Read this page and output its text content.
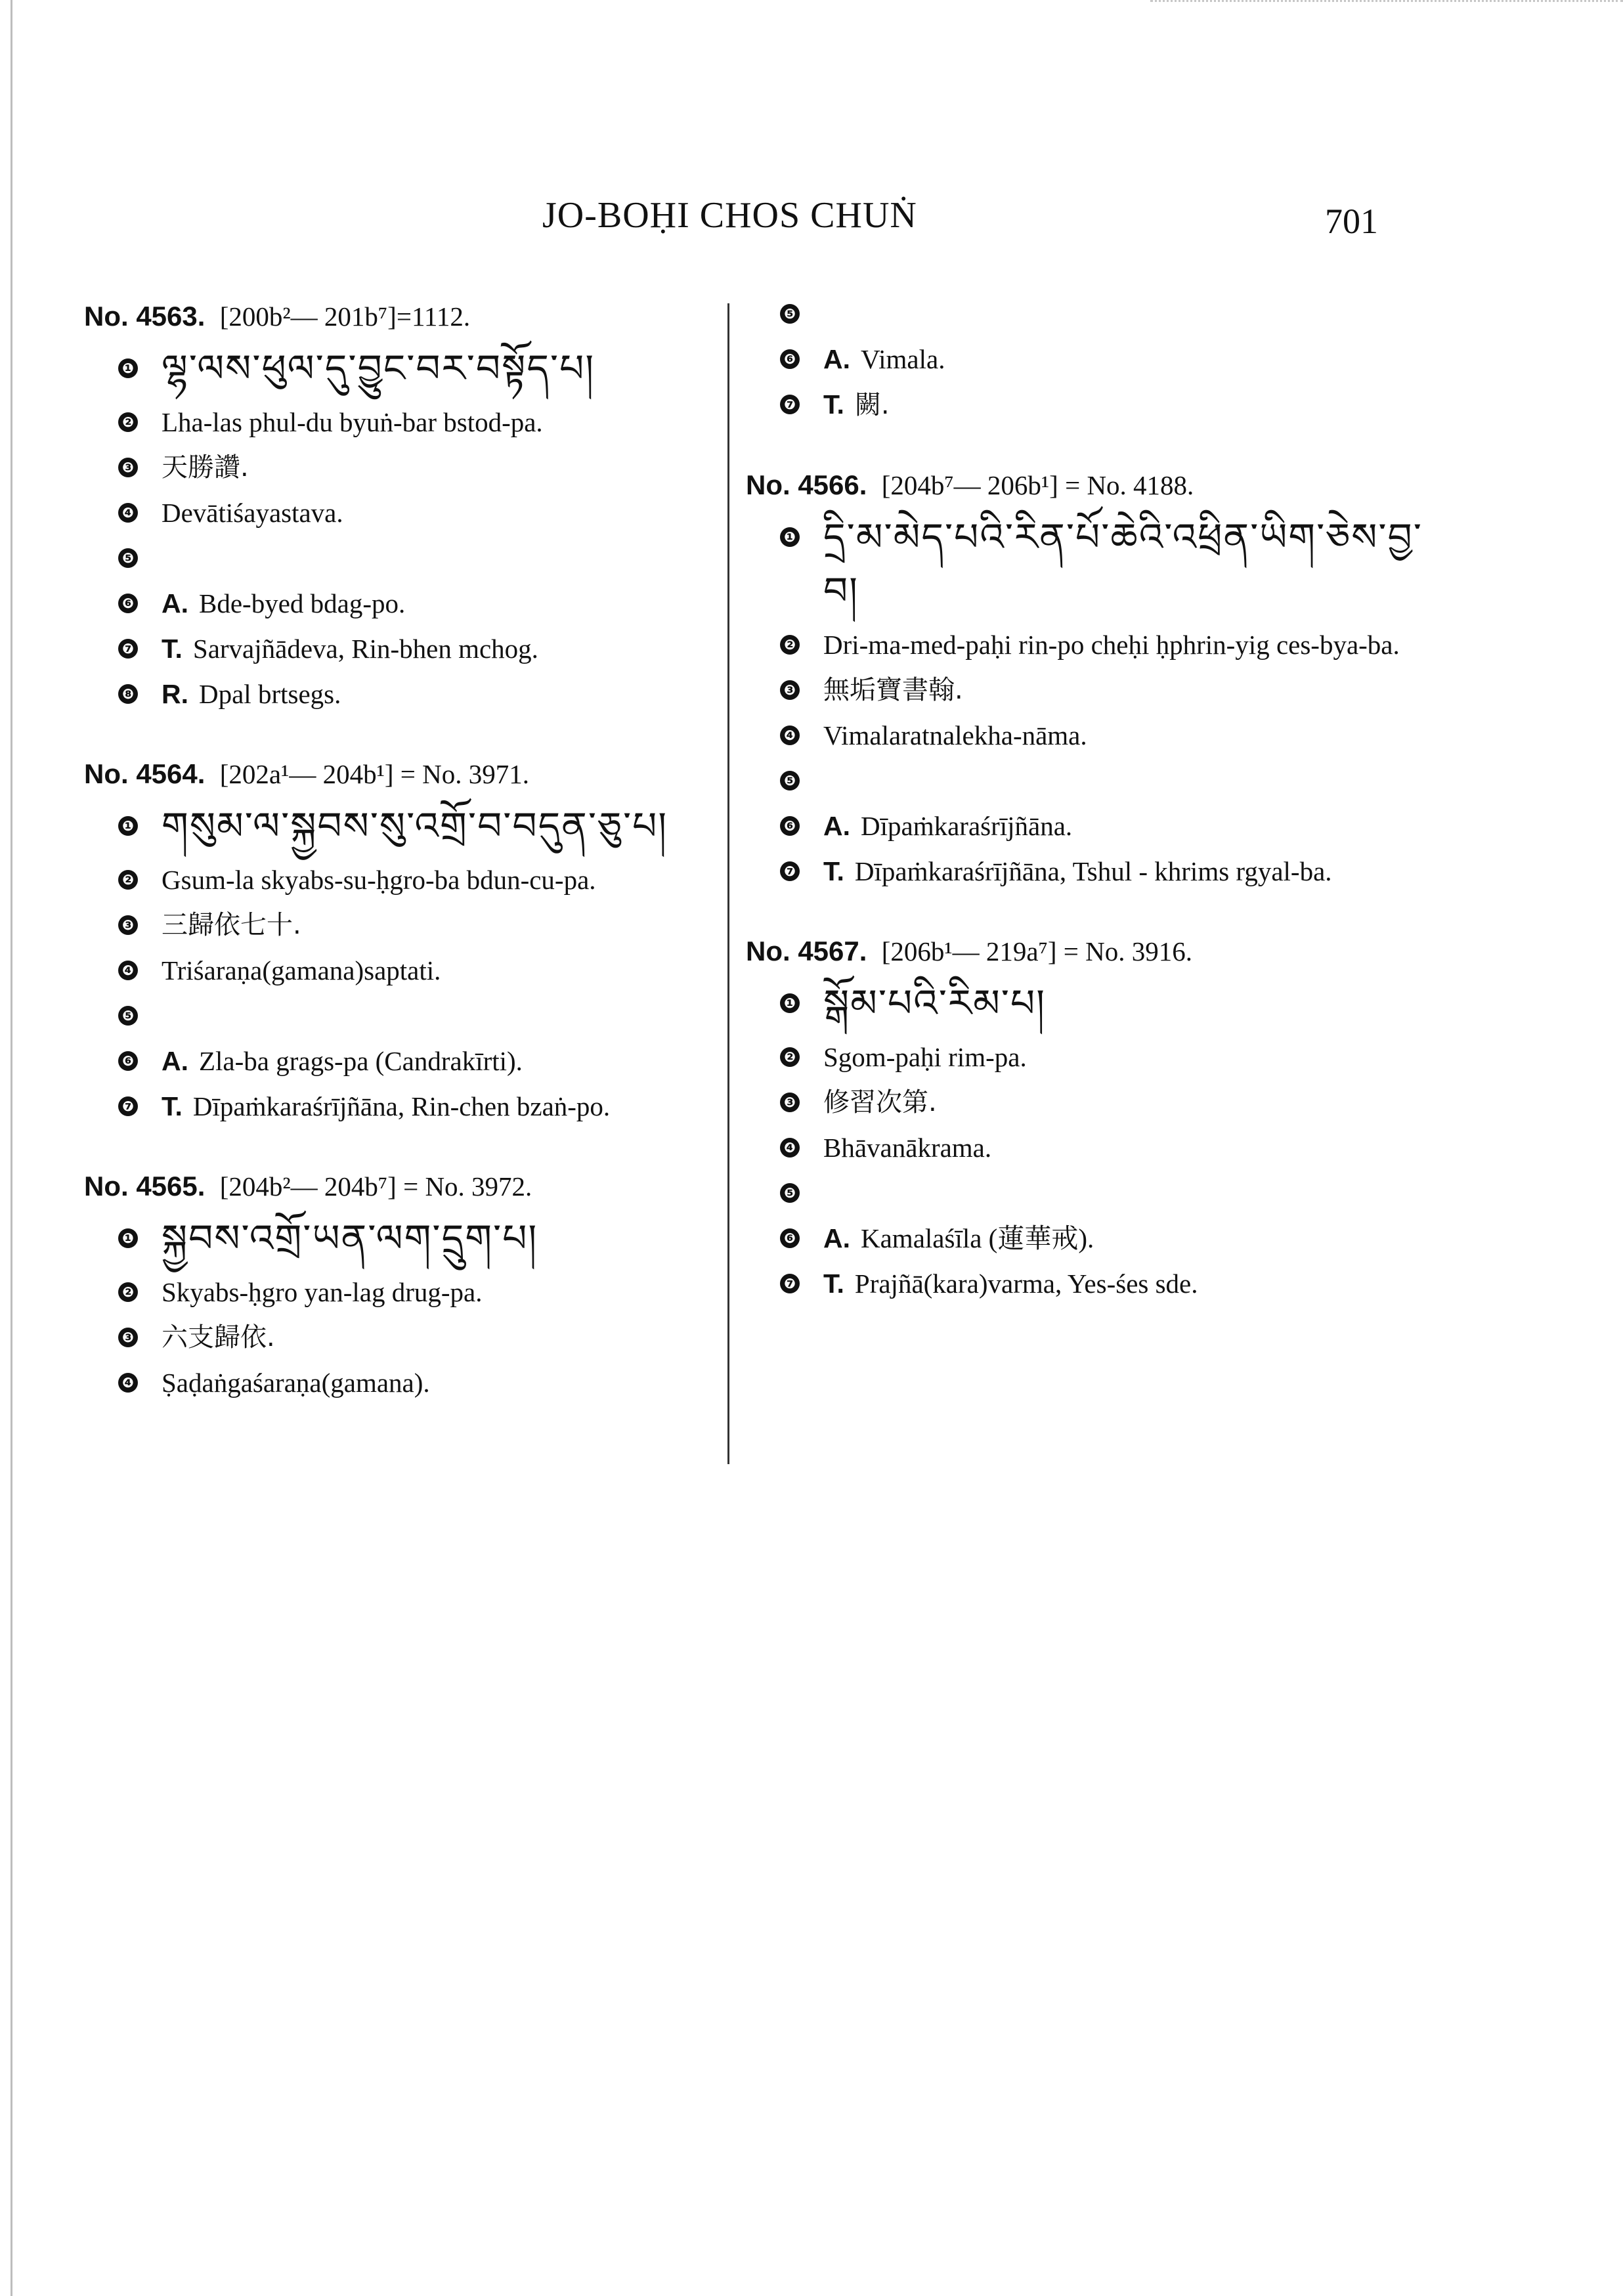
JO-BOḤI CHOS CHUṄ	701
No. 4563. [200b²— 201b⁷]=1112.
❶ ལྷ་ལས་ཕུལ་དུ་བྱུང་བར་བསྟོད་པ།
❷ Lha-las phul-du byuṅ-bar bstod-pa.
❸ 天勝讚.
❹ Devātiśayastava.
❺
❻ A. Bde-byed bdag-po.
❼ T. Sarvajñādeva, Rin-bhen mchog.
❽ R. Dpal brtsegs.
No. 4564. [202a¹— 204b¹] = No. 3971.
❶ གསུམ་ལ་སྐྱབས་སུ་འགྲོ་བ་བདུན་ཅུ་པ།
❷ Gsum-la skyabs-su-ḥgro-ba bdun-cu-pa.
❸ 三歸依七十.
❹ Triśaraṇa(gamana)saptati.
❺
❻ A. Zla-ba grags-pa (Candrakīrti).
❼ T. Dīpaṁkaraśrījñāna, Rin-chen bzaṅ-po.
No. 4565. [204b²— 204b⁷] = No. 3972.
❶ སྐྱབས་འགྲོ་ཡན་ལག་དྲུག་པ།
❷ Skyabs-ḥgro yan-lag drug-pa.
❸ 六支歸依.
❹ Ṣaḍaṅgaśaraṇa(gamana).
❺
❻ A. Vimala.
❼ T. 闕.
No. 4566. [204b⁷— 206b¹] = No. 4188.
❶ དྲི་མ་མེད་པའི་རིན་པོ་ཆེའི་འཕྲིན་ཡིག་ཅེས་བྱ་བ།
❷ Dri-ma-med-paḥi rin-po cheḥi ḥphrin-yig ces-bya-ba.
❸ 無垢寶書翰.
❹ Vimalaratnalekha-nāma.
❺
❻ A. Dīpaṁkaraśrījñāna.
❼ T. Dīpaṁkaraśrījñāna, Tshul - khrims rgyal-ba.
No. 4567. [206b¹— 219a⁷] = No. 3916.
❶ སྒོམ་པའི་རིམ་པ།
❷ Sgom-paḥi rim-pa.
❸ 修習次第.
❹ Bhāvanākrama.
❺
❻ A. Kamalaśīla (蓮華戒).
❼ T. Prajñā(kara)varma, Yes-śes sde.
